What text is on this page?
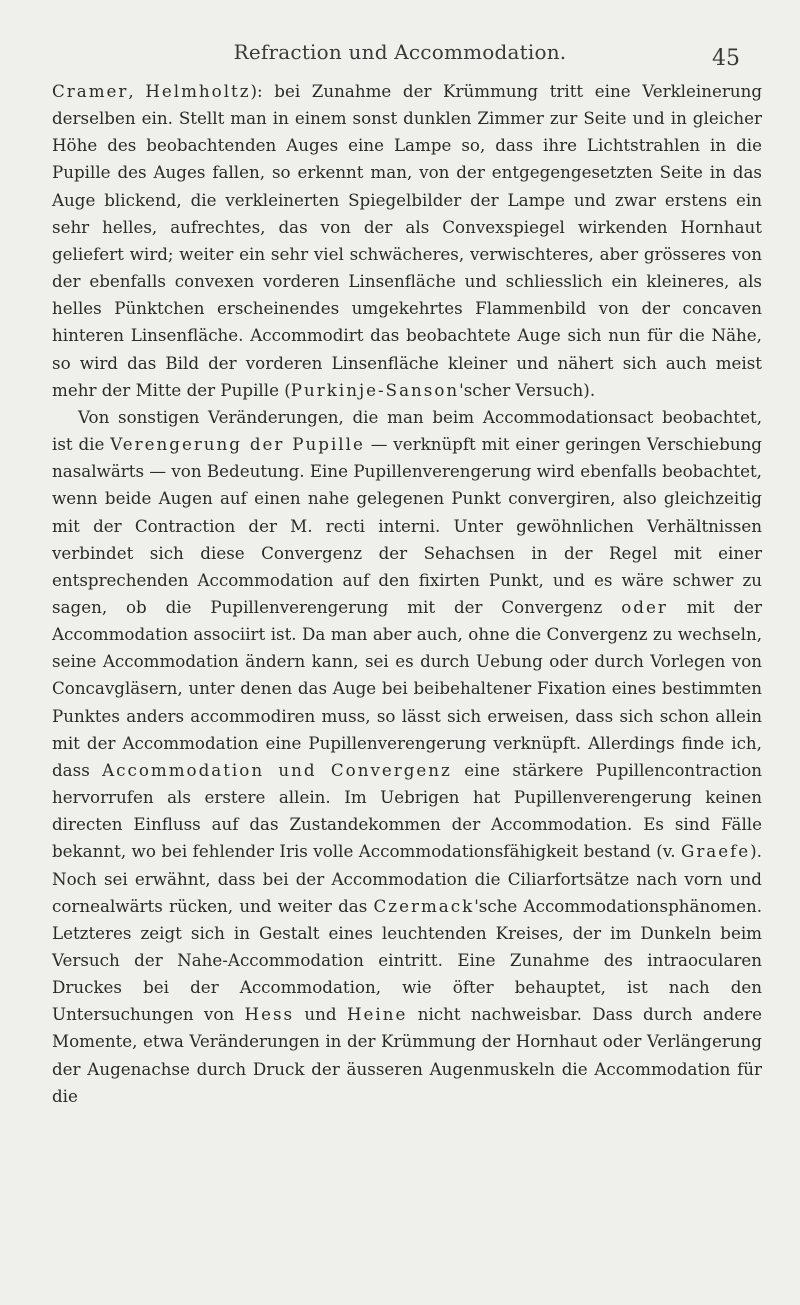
Refraction und Accommodation.	45

Cramer, Helmholtz): bei Zunahme der Krümmung tritt eine Verkleinerung derselben ein. Stellt man in einem sonst dunklen Zimmer zur Seite und in gleicher Höhe des beobachtenden Auges eine Lampe so, dass ihre Lichtstrahlen in die Pupille des Auges fallen, so erkennt man, von der entgegengesetzten Seite in das Auge blickend, die verkleinerten Spiegelbilder der Lampe und zwar erstens ein sehr helles, aufrechtes, das von der als Convexspiegel wirkenden Hornhaut geliefert wird; weiter ein sehr viel schwächeres, verwischteres, aber grösseres von der ebenfalls convexen vorderen Linsenfläche und schliesslich ein kleineres, als helles Pünktchen erscheinendes umgekehrtes Flammenbild von der concaven hinteren Linsenfläche. Accommodirt das beobachtete Auge sich nun für die Nähe, so wird das Bild der vorderen Linsenfläche kleiner und nähert sich auch meist mehr der Mitte der Pupille (Purkinje-Sanson'scher Versuch).

Von sonstigen Veränderungen, die man beim Accommodationsact beobachtet, ist die Verengerung der Pupille — verknüpft mit einer geringen Verschiebung nasalwärts — von Bedeutung. Eine Pupillenverengerung wird ebenfalls beobachtet, wenn beide Augen auf einen nahe gelegenen Punkt convergiren, also gleichzeitig mit der Contraction der M. recti interni. Unter gewöhnlichen Verhältnissen verbindet sich diese Convergenz der Sehachsen in der Regel mit einer entsprechenden Accommodation auf den fixirten Punkt, und es wäre schwer zu sagen, ob die Pupillenverengerung mit der Convergenz oder mit der Accommodation associirt ist. Da man aber auch, ohne die Convergenz zu wechseln, seine Accommodation ändern kann, sei es durch Uebung oder durch Vorlegen von Concavgläsern, unter denen das Auge bei beibehaltener Fixation eines bestimmten Punktes anders accommodiren muss, so lässt sich erweisen, dass sich schon allein mit der Accommodation eine Pupillenverengerung verknüpft. Allerdings finde ich, dass Accommodation und Convergenz eine stärkere Pupillencontraction hervorrufen als erstere allein. Im Uebrigen hat Pupillenverengerung keinen directen Einfluss auf das Zustandekommen der Accommodation. Es sind Fälle bekannt, wo bei fehlender Iris volle Accommodationsfähigkeit bestand (v. Graefe). Noch sei erwähnt, dass bei der Accommodation die Ciliarfortsätze nach vorn und cornealwärts rücken, und weiter das Czermack'sche Accommodationsphänomen. Letzteres zeigt sich in Gestalt eines leuchtenden Kreises, der im Dunkeln beim Versuch der Nahe-Accommodation eintritt. Eine Zunahme des intraocularen Druckes bei der Accommodation, wie öfter behauptet, ist nach den Untersuchungen von Hess und Heine nicht nachweisbar. Dass durch andere Momente, etwa Veränderungen in der Krümmung der Hornhaut oder Verlängerung der Augenachse durch Druck der äusseren Augenmuskeln die Accommodation für die
